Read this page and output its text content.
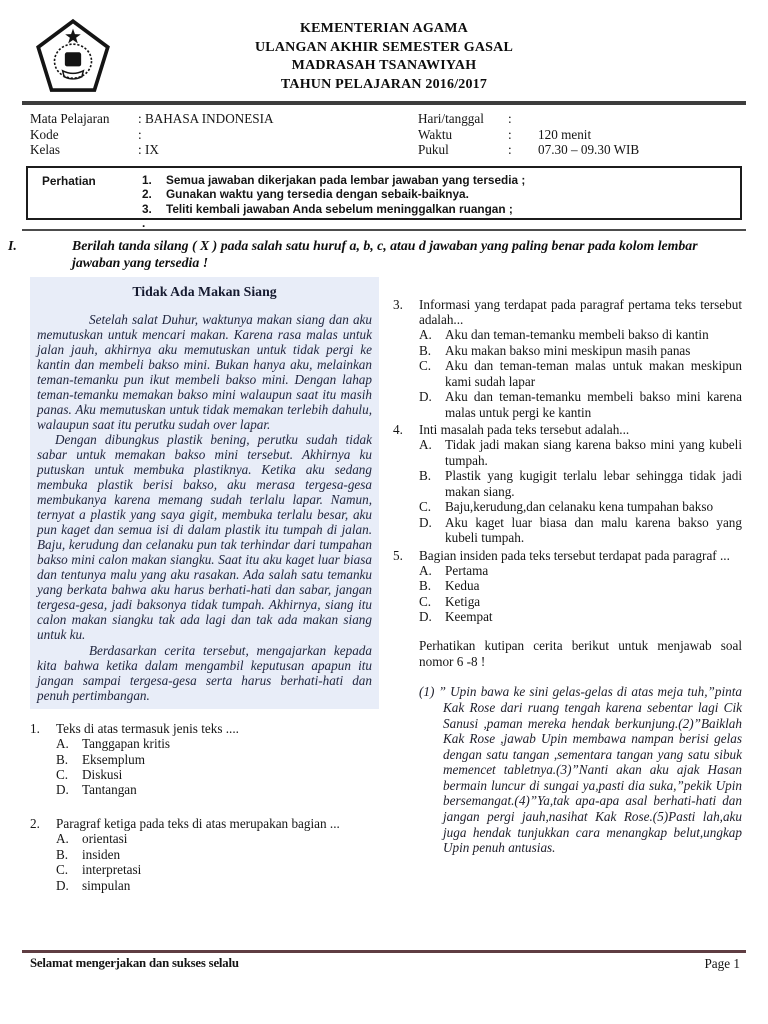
KEMENTERIAN AGAMA
ULANGAN AKHIR SEMESTER GASAL
MADRASAH TSANAWIYAH
TAHUN PELAJARAN 2016/2017
Mata Pelajaran	: BAHASA INDONESIA
Kode	:
Kelas	: IX
Hari/tanggal	:
Waktu	:	120 menit
Pukul	:	07.30 – 09.30 WIB
Perhatian	1.	Semua jawaban dikerjakan pada lembar jawaban yang tersedia ;
2.	Gunakan waktu yang tersedia dengan sebaik-baiknya.
3.	Teliti kembali jawaban Anda sebelum meninggalkan ruangan ;
.
I.	Berilah tanda silang ( X ) pada salah satu huruf a, b, c, atau d jawaban yang paling benar pada kolom lembar jawaban yang tersedia !
Tidak Ada Makan Siang

Setelah salat Duhur, waktunya makan siang dan aku memutuskan untuk mencari makan. Karena rasa malas untuk jalan jauh, akhirnya aku memutuskan untuk tidak pergi ke kantin dan membeli bakso mini. Bukan hanya aku, melainkan teman-temanku pun ikut membeli bakso mini. Dengan lahap teman-temanku memakan bakso mini walaupun saat itu masih panas. Aku memutuskan untuk tidak memakan terlebih dahulu, walaupun saat itu perutku sudah over lapar.

Dengan dibungkus plastik bening, perutku sudah tidak sabar untuk memakan bakso mini tersebut. Akhirnya ku putuskan untuk membuka plastiknya. Ketika aku sedang membuka plastik berisi bakso, aku merasa tergesa-gesa membukanya karena memang sudah terlalu lapar. Namun, ternyat a plastik yang saya gigit, membuka terlalu besar, aku pun kaget dan semua isi di dalam plastik itu tumpah di jalan. Baju, kerudung dan celanaku pun tak terhindar dari tumpahan bakso mini calon makan siangku. Saat itu aku kaget luar biasa dan tentunya malu yang aku rasakan. Ada salah satu temanku yang berkata bahwa aku harus berhati-hati dan sabar, jangan tergesa-gesa, jadi baksonya tidak tumpah. Akhirnya, siang itu calon makan siangku tak ada lagi dan tak ada makan siang untuk ku.

Berdasarkan cerita tersebut, mengajarkan kepada kita bahwa ketika dalam mengambil keputusan apapun itu jangan sampai tergesa-gesa serta harus berhati-hati dan penuh pertimbangan.

1.	Teks di atas termasuk jenis teks ....
A. Tanggapan kritis
B.	Eksemplum
C.	Diskusi
D. Tantangan
2.	Paragraf ketiga pada teks di atas merupakan bagian ...
A. orientasi
B.	insiden
C.	interpretasi
D. simpulan
3.	Informasi yang terdapat pada paragraf pertama teks tersebut adalah...
A. Aku dan teman-temanku membeli bakso di kantin
B.	Aku makan bakso mini meskipun masih panas
C.	Aku dan teman-teman malas untuk makan meskipun kami sudah lapar
D. Aku dan teman-temanku membeli bakso mini karena malas untuk pergi ke kantin
4.	Inti masalah pada teks tersebut adalah...
A. Tidak jadi makan siang karena bakso mini yang kubeli tumpah.
B.	Plastik yang kugigit terlalu lebar sehingga tidak jadi makan siang.
C.	Baju,kerudung,dan celanaku kena tumpahan bakso
D. Aku kaget luar biasa dan malu karena bakso yang kubeli tumpah.
5.	Bagian insiden pada teks tersebut terdapat pada paragraf ...
A. Pertama
B.	Kedua
C.	Ketiga
D. Keempat
Perhatikan kutipan cerita berikut untuk menjawab soal nomor 6 -8 !
(1) ” Upin bawa ke sini gelas-gelas di atas meja tuh,”pinta Kak Rose dari ruang tengah karena sebentar lagi Cik Sanusi ,paman mereka hendak berkunjung.(2)”Baiklah Kak Rose ,jawab Upin membawa nampan berisi gelas dengan satu tangan ,sementara tangan yang satu sibuk memencet tabletnya.(3)”Nanti akan aku ajak Hasan bermain luncur di sungai ya,pasti dia suka,”pekik Upin bersemangat.(4)”Ya,tak apa-apa asal berhati-hati dan jangan pergi jauh,nasihat Kak Rose.(5)Pasti lah,aku juga hendak tunjukkan cara menangkap belut,ungkap Upin penuh antusias.
Selamat mengerjakan dan sukses selalu	Page 1
